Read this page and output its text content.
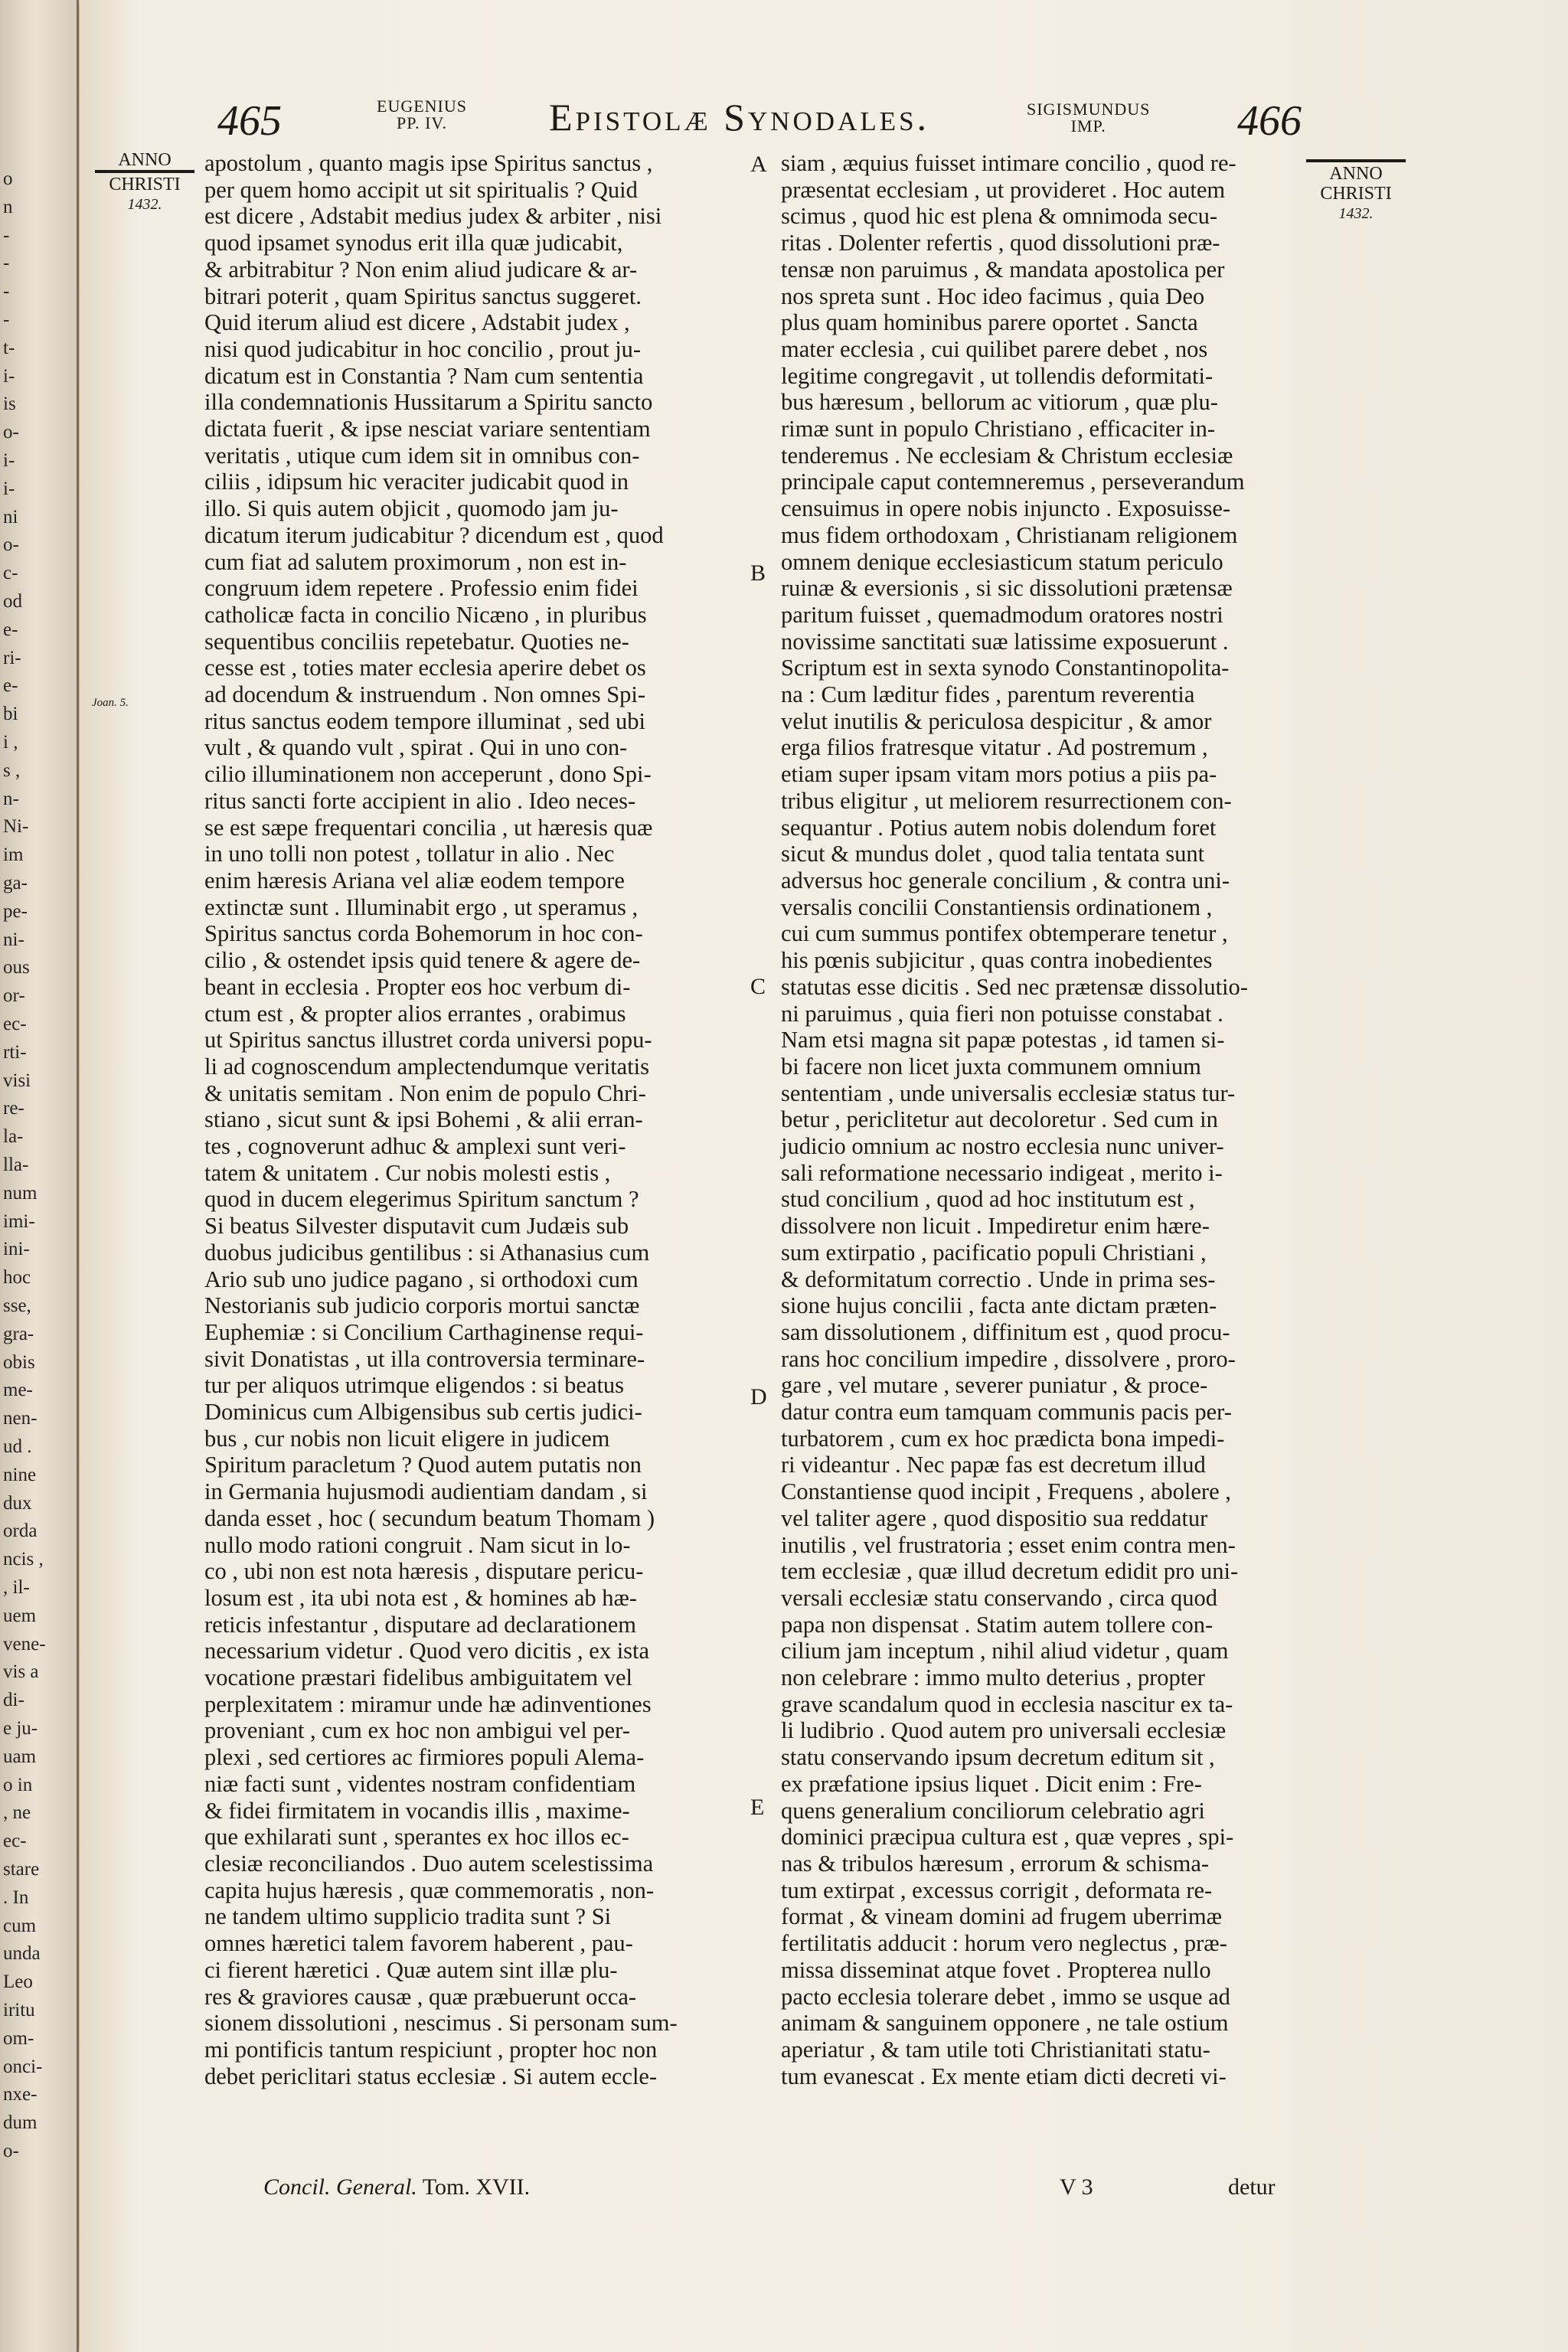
o
n
-
-
-
-
t-
i-
is
o-
i-
i-
ni
o-
c-
od
e-
ri-
e-
bi
i ,
s ,
n-
Ni-
im
ga-
pe-
ni-
ous
or-
ec-
rti-
visi
re-
la-
lla-
num
imi-
ini-
hoc
sse,
gra-
obis
me-
nen-
ud .
nine
dux
orda
ncis ,
, il-
uem
vene-
vis a
di-
e ju-
uam
o in
, ne
ec-
stare
. In
cum
unda
Leo
iritu
om-
onci-
nxe-
dum
o-
465	EUGENIUS
PP. IV.	Epistolæ Synodales.	SIGISMUNDUS
IMP.	466
ANNO
CHRISTI
1432.
ANNO
CHRISTI
1432.
Joan. 5.
A
B
C
D
E
apostolum , quanto magis ipse Spiritus sanctus ,
per quem homo accipit ut sit spiritualis ? Quid
est dicere , Adstabit medius judex & arbiter , nisi
quod ipsamet synodus erit illa quæ judicabit,
& arbitrabitur ? Non enim aliud judicare & ar-
bitrari poterit , quam Spiritus sanctus suggeret.
Quid iterum aliud est dicere , Adstabit judex ,
nisi quod judicabitur in hoc concilio , prout ju-
dicatum est in Constantia ? Nam cum sententia
illa condemnationis Hussitarum a Spiritu sancto
dictata fuerit , & ipse nesciat variare sententiam
veritatis , utique cum idem sit in omnibus con-
ciliis , idipsum hic veraciter judicabit quod in
illo. Si quis autem objicit , quomodo jam ju-
dicatum iterum judicabitur ? dicendum est , quod
cum fiat ad salutem proximorum , non est in-
congruum idem repetere . Professio enim fidei
catholicæ facta in concilio Nicæno , in pluribus
sequentibus conciliis repetebatur. Quoties ne-
cesse est , toties mater ecclesia aperire debet os
ad docendum & instruendum . Non omnes Spi-
ritus sanctus eodem tempore illuminat , sed ubi
vult , & quando vult , spirat . Qui in uno con-
cilio illuminationem non acceperunt , dono Spi-
ritus sancti forte accipient in alio . Ideo neces-
se est sæpe frequentari concilia , ut hæresis quæ
in uno tolli non potest , tollatur in alio . Nec
enim hæresis Ariana vel aliæ eodem tempore
extinctæ sunt . Illuminabit ergo , ut speramus ,
Spiritus sanctus corda Bohemorum in hoc con-
cilio , & ostendet ipsis quid tenere & agere de-
beant in ecclesia . Propter eos hoc verbum di-
ctum est , & propter alios errantes , orabimus
ut Spiritus sanctus illustret corda universi popu-
li ad cognoscendum amplectendumque veritatis
& unitatis semitam . Non enim de populo Chri-
stiano , sicut sunt & ipsi Bohemi , & alii erran-
tes , cognoverunt adhuc & amplexi sunt veri-
tatem & unitatem . Cur nobis molesti estis ,
quod in ducem elegerimus Spiritum sanctum ?
Si beatus Silvester disputavit cum Judæis sub
duobus judicibus gentilibus : si Athanasius cum
Ario sub uno judice pagano , si orthodoxi cum
Nestorianis sub judicio corporis mortui sanctæ
Euphemiæ : si Concilium Carthaginense requi-
sivit Donatistas , ut illa controversia terminare-
tur per aliquos utrimque eligendos : si beatus
Dominicus cum Albigensibus sub certis judici-
bus , cur nobis non licuit eligere in judicem
Spiritum paracletum ? Quod autem putatis non
in Germania hujusmodi audientiam dandam , si
danda esset , hoc ( secundum beatum Thomam )
nullo modo rationi congruit . Nam sicut in lo-
co , ubi non est nota hæresis , disputare pericu-
losum est , ita ubi nota est , & homines ab hæ-
reticis infestantur , disputare ad declarationem
necessarium videtur . Quod vero dicitis , ex ista
vocatione præstari fidelibus ambiguitatem vel
perplexitatem : miramur unde hæ adinventiones
proveniant , cum ex hoc non ambigui vel per-
plexi , sed certiores ac firmiores populi Alema-
niæ facti sunt , videntes nostram confidentiam
& fidei firmitatem in vocandis illis , maxime-
que exhilarati sunt , sperantes ex hoc illos ec-
clesiæ reconciliandos . Duo autem scelestissima
capita hujus hæresis , quæ commemoratis , non-
ne tandem ultimo supplicio tradita sunt ? Si
omnes hæretici talem favorem haberent , pau-
ci fierent hæretici . Quæ autem sint illæ plu-
res & graviores causæ , quæ præbuerunt occa-
sionem dissolutioni , nescimus . Si personam sum-
mi pontificis tantum respiciunt , propter hoc non
debet periclitari status ecclesiæ . Si autem eccle-
siam , æquius fuisset intimare concilio , quod re-
præsentat ecclesiam , ut provideret . Hoc autem
scimus , quod hic est plena & omnimoda secu-
ritas . Dolenter refertis , quod dissolutioni præ-
tensæ non paruimus , & mandata apostolica per
nos spreta sunt . Hoc ideo facimus , quia Deo
plus quam hominibus parere oportet . Sancta
mater ecclesia , cui quilibet parere debet , nos
legitime congregavit , ut tollendis deformitati-
bus hæresum , bellorum ac vitiorum , quæ plu-
rimæ sunt in populo Christiano , efficaciter in-
tenderemus . Ne ecclesiam & Christum ecclesiæ
principale caput contemneremus , perseverandum
censuimus in opere nobis injuncto . Exposuisse-
mus fidem orthodoxam , Christianam religionem
omnem denique ecclesiasticum statum periculo
ruinæ & eversionis , si sic dissolutioni prætensæ
paritum fuisset , quemadmodum oratores nostri
novissime sanctitati suæ latissime exposuerunt .
Scriptum est in sexta synodo Constantinopolita-
na : Cum læditur fides , parentum reverentia
velut inutilis & periculosa despicitur , & amor
erga filios fratresque vitatur . Ad postremum ,
etiam super ipsam vitam mors potius a piis pa-
tribus eligitur , ut meliorem resurrectionem con-
sequantur . Potius autem nobis dolendum foret
sicut & mundus dolet , quod talia tentata sunt
adversus hoc generale concilium , & contra uni-
versalis concilii Constantiensis ordinationem ,
cui cum summus pontifex obtemperare tenetur ,
his pœnis subjicitur , quas contra inobedientes
statutas esse dicitis . Sed nec prætensæ dissolutio-
ni paruimus , quia fieri non potuisse constabat .
Nam etsi magna sit papæ potestas , id tamen si-
bi facere non licet juxta communem omnium
sententiam , unde universalis ecclesiæ status tur-
betur , periclitetur aut decoloretur . Sed cum in
judicio omnium ac nostro ecclesia nunc univer-
sali reformatione necessario indigeat , merito i-
stud concilium , quod ad hoc institutum est ,
dissolvere non licuit . Impediretur enim hære-
sum extirpatio , pacificatio populi Christiani ,
& deformitatum correctio . Unde in prima ses-
sione hujus concilii , facta ante dictam præten-
sam dissolutionem , diffinitum est , quod procu-
rans hoc concilium impedire , dissolvere , proro-
gare , vel mutare , severer puniatur , & proce-
datur contra eum tamquam communis pacis per-
turbatorem , cum ex hoc prædicta bona impedi-
ri videantur . Nec papæ fas est decretum illud
Constantiense quod incipit , Frequens , abolere ,
vel taliter agere , quod dispositio sua reddatur
inutilis , vel frustratoria ; esset enim contra men-
tem ecclesiæ , quæ illud decretum edidit pro uni-
versali ecclesiæ statu conservando , circa quod
papa non dispensat . Statim autem tollere con-
cilium jam inceptum , nihil aliud videtur , quam
non celebrare : immo multo deterius , propter
grave scandalum quod in ecclesia nascitur ex ta-
li ludibrio . Quod autem pro universali ecclesiæ
statu conservando ipsum decretum editum sit ,
ex præfatione ipsius liquet . Dicit enim : Fre-
quens generalium conciliorum celebratio agri
dominici præcipua cultura est , quæ vepres , spi-
nas & tribulos hæresum , errorum & schisma-
tum extirpat , excessus corrigit , deformata re-
format , & vineam domini ad frugem uberrimæ
fertilitatis adducit : horum vero neglectus , præ-
missa disseminat atque fovet . Propterea nullo
pacto ecclesia tolerare debet , immo se usque ad
animam & sanguinem opponere , ne tale ostium
aperiatur , & tam utile toti Christianitati statu-
tum evanescat . Ex mente etiam dicti decreti vi-
Concil. General. Tom. XVII.	V 3	detur
